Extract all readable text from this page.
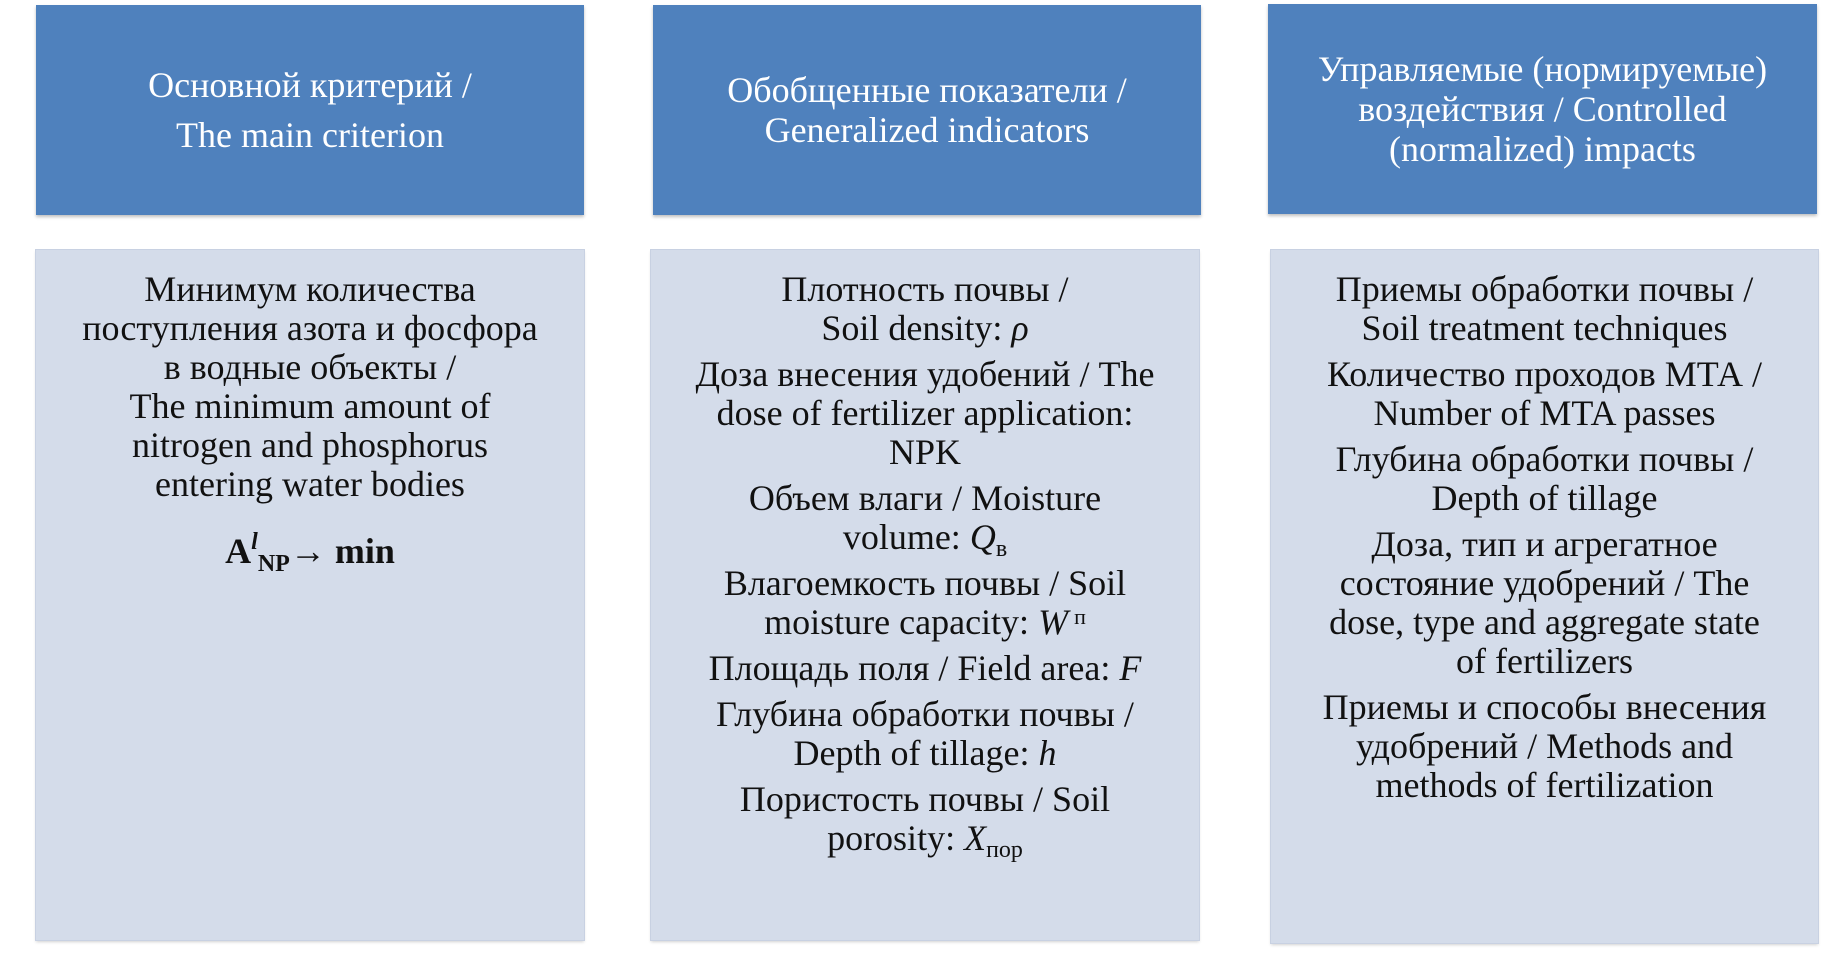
Основной критерий /
The main criterion
Обобщенные показатели /
Generalized indicators
Управляемые (нормируемые)
воздействия / Controlled
(normalized) impacts
Минимум количества
поступления азота и фосфора
в водные объекты /
The minimum amount of
nitrogen and phosphorus
entering water bodies
$A^l_{NP}\to \min$
Плотность почвы /
Soil density: ρ
Доза внесения удобений / The
dose of fertilizer application:
NPK
Объем влаги / Moisture
volume: Qв
Влагоемкость почвы / Soil
moisture capacity: W $^п$
Площадь поля / Field area: F
Глубина обработки почвы /
Depth of tillage: h
Пористость почвы / Soil
porosity: Xпор
Приемы обработки почвы /
Soil treatment techniques
Количество проходов МТА /
Number of MTA passes
Глубина обработки почвы /
Depth of tillage
Доза, тип и агрегатное
состояние удобрений / The
dose, type and aggregate state
of fertilizers
Приемы и способы внесения
удобрений / Methods and
methods of fertilization
